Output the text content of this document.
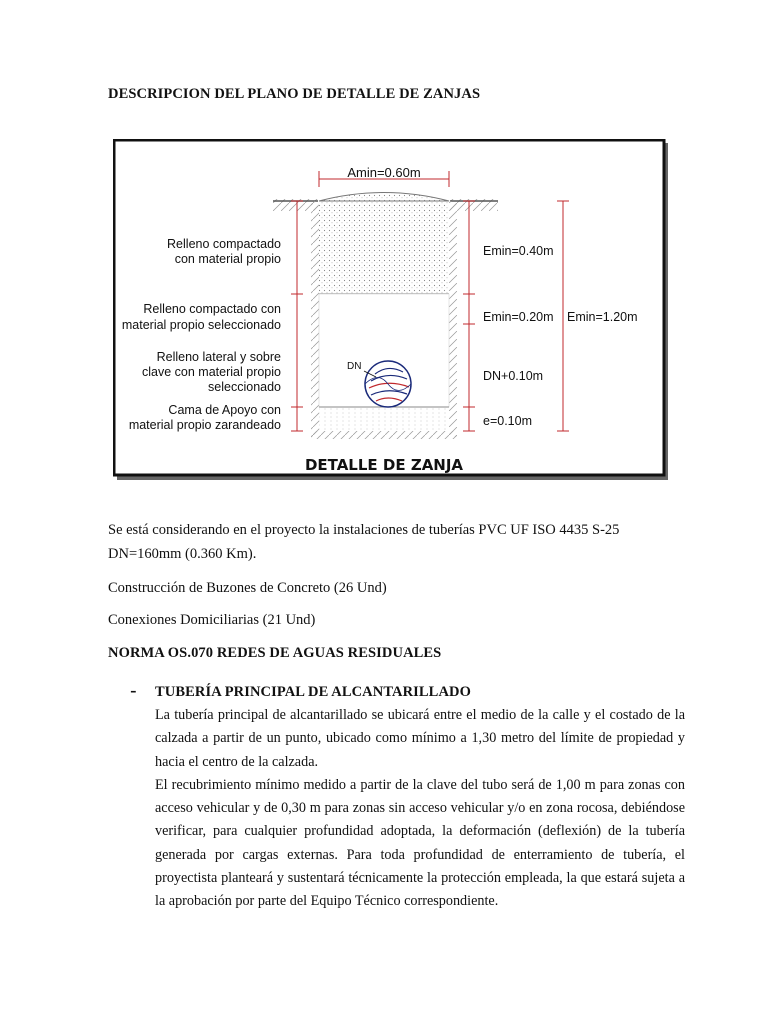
DESCRIPCION DEL PLANO DE DETALLE DE ZANJAS
Amin=0.60m
Relleno compactado
con material propio
Relleno compactado con
material propio seleccionado
Relleno lateral y sobre
clave con material propio
seleccionado
Cama de Apoyo con
material propio zarandeado
DN
Emin=0.40m
Emin=0.20m
DN+0.10m
e=0.10m
Emin=1.20m
DETALLE DE ZANJA
Se está considerando en el proyecto la instalaciones de tuberías PVC UF ISO 4435 S-25
DN=160mm (0.360 Km).
Construcción de Buzones de Concreto (26 Und)
Conexiones Domiciliarias (21 Und)
NORMA OS.070 REDES DE AGUAS RESIDUALES
- TUBERÍA PRINCIPAL DE ALCANTARILLADO

La tubería principal de alcantarillado se ubicará entre el medio de la calle y el costado de la calzada a partir de un punto, ubicado como mínimo a 1,30 metro del límite de propiedad y hacia el centro de la calzada.

El recubrimiento mínimo medido a partir de la clave del tubo será de 1,00 m para zonas con acceso vehicular y de 0,30 m para zonas sin acceso vehicular y/o en zona rocosa, debiéndose verificar, para cualquier profundidad adoptada, la deformación (deflexión) de la tubería generada por cargas externas. Para toda profundidad de enterramiento de tubería, el proyectista planteará y sustentará técnicamente la protección empleada, la que estará sujeta a la aprobación por parte del Equipo Técnico correspondiente.
